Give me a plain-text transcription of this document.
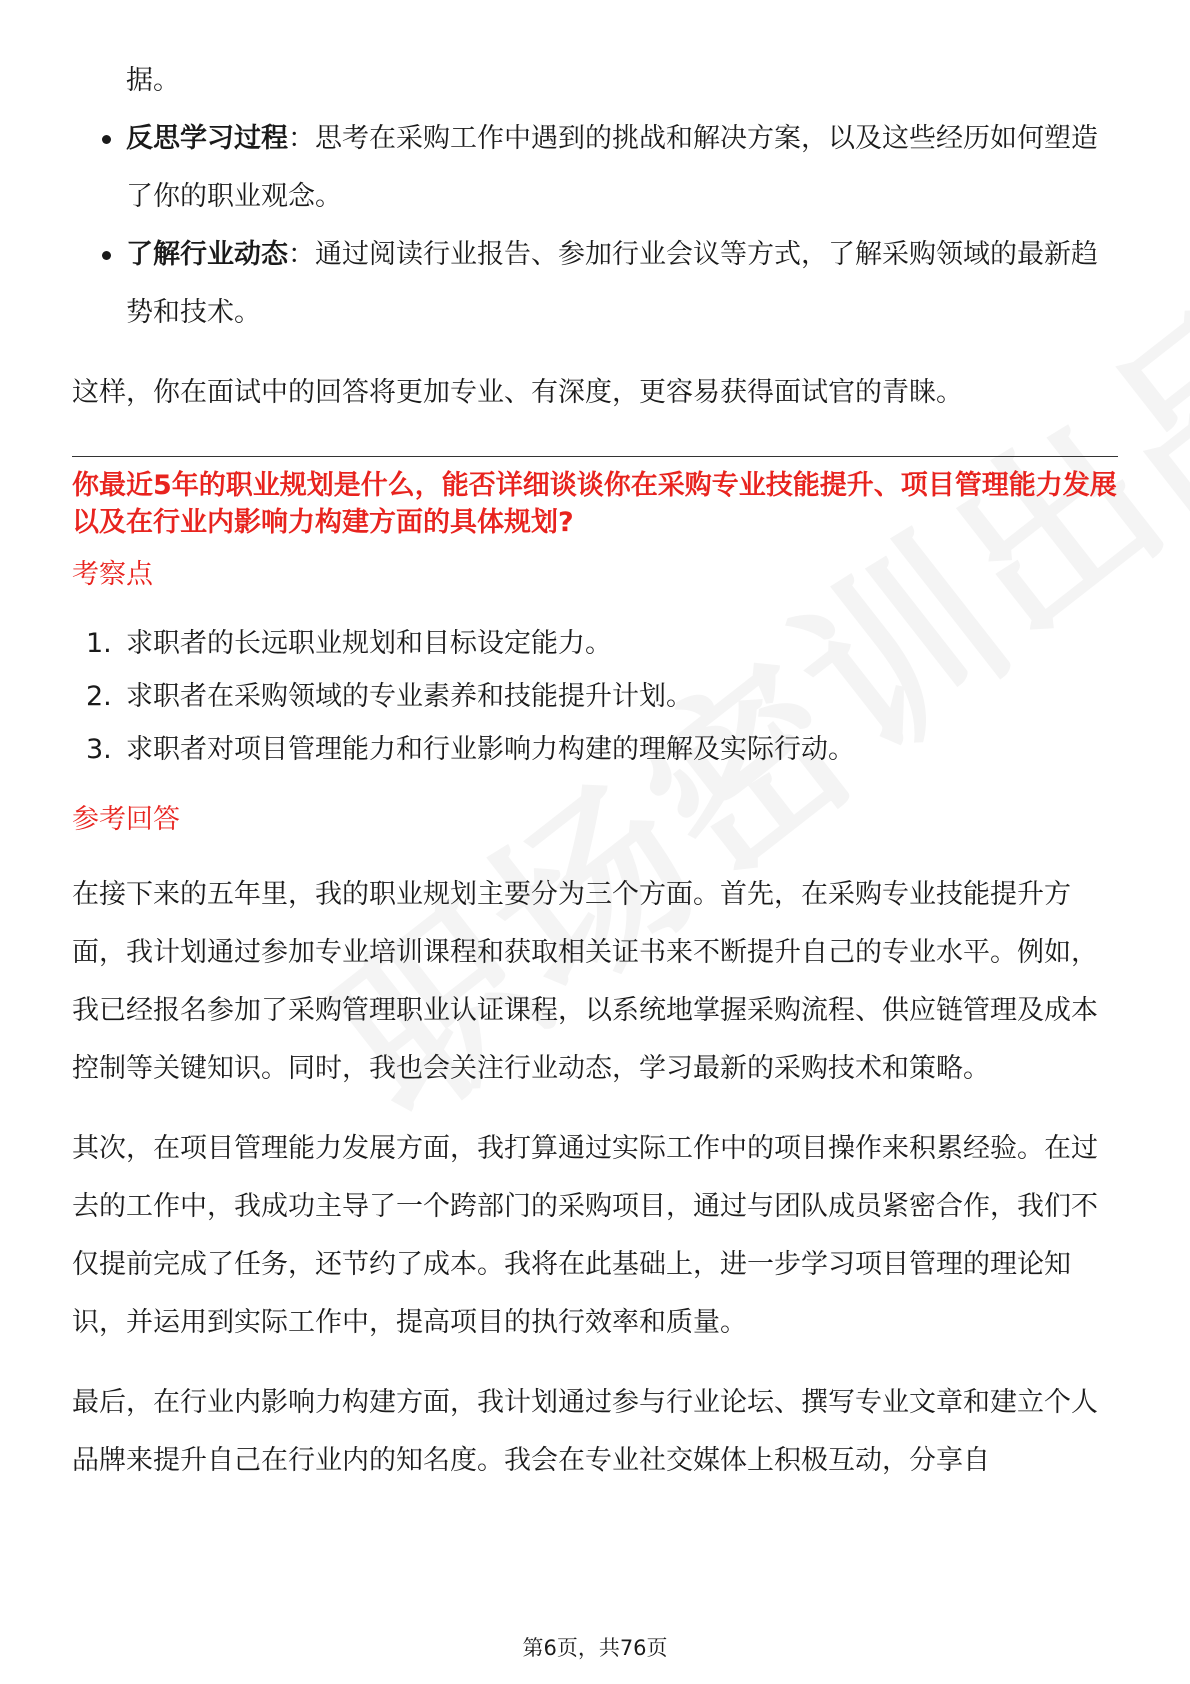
据。

反思学习过程：思考在采购工作中遇到的挑战和解决方案，以及这些经历如何塑造了你的职业观念。
了解行业动态：通过阅读行业报告、参加行业会议等方式，了解采购领域的最新趋势和技术。

这样，你在面试中的回答将更加专业、有深度，更容易获得面试官的青睐。

你最近5年的职业规划是什么，能否详细谈谈你在采购专业技能提升、项目管理能力发展以及在行业内影响力构建方面的具体规划?

考察点

1. 求职者的长远职业规划和目标设定能力。
2. 求职者在采购领域的专业素养和技能提升计划。
3. 求职者对项目管理能力和行业影响力构建的理解及实际行动。

参考回答

在接下来的五年里，我的职业规划主要分为三个方面。首先，在采购专业技能提升方面，我计划通过参加专业培训课程和获取相关证书来不断提升自己的专业水平。例如，我已经报名参加了采购管理职业认证课程，以系统地掌握采购流程、供应链管理及成本控制等关键知识。同时，我也会关注行业动态，学习最新的采购技术和策略。

其次，在项目管理能力发展方面，我打算通过实际工作中的项目操作来积累经验。在过去的工作中，我成功主导了一个跨部门的采购项目，通过与团队成员紧密合作，我们不仅提前完成了任务，还节约了成本。我将在此基础上，进一步学习项目管理的理论知识，并运用到实际工作中，提高项目的执行效率和质量。

最后，在行业内影响力构建方面，我计划通过参与行业论坛、撰写专业文章和建立个人品牌来提升自己在行业内的知名度。我会在专业社交媒体上积极互动，分享自

第6页，共76页
